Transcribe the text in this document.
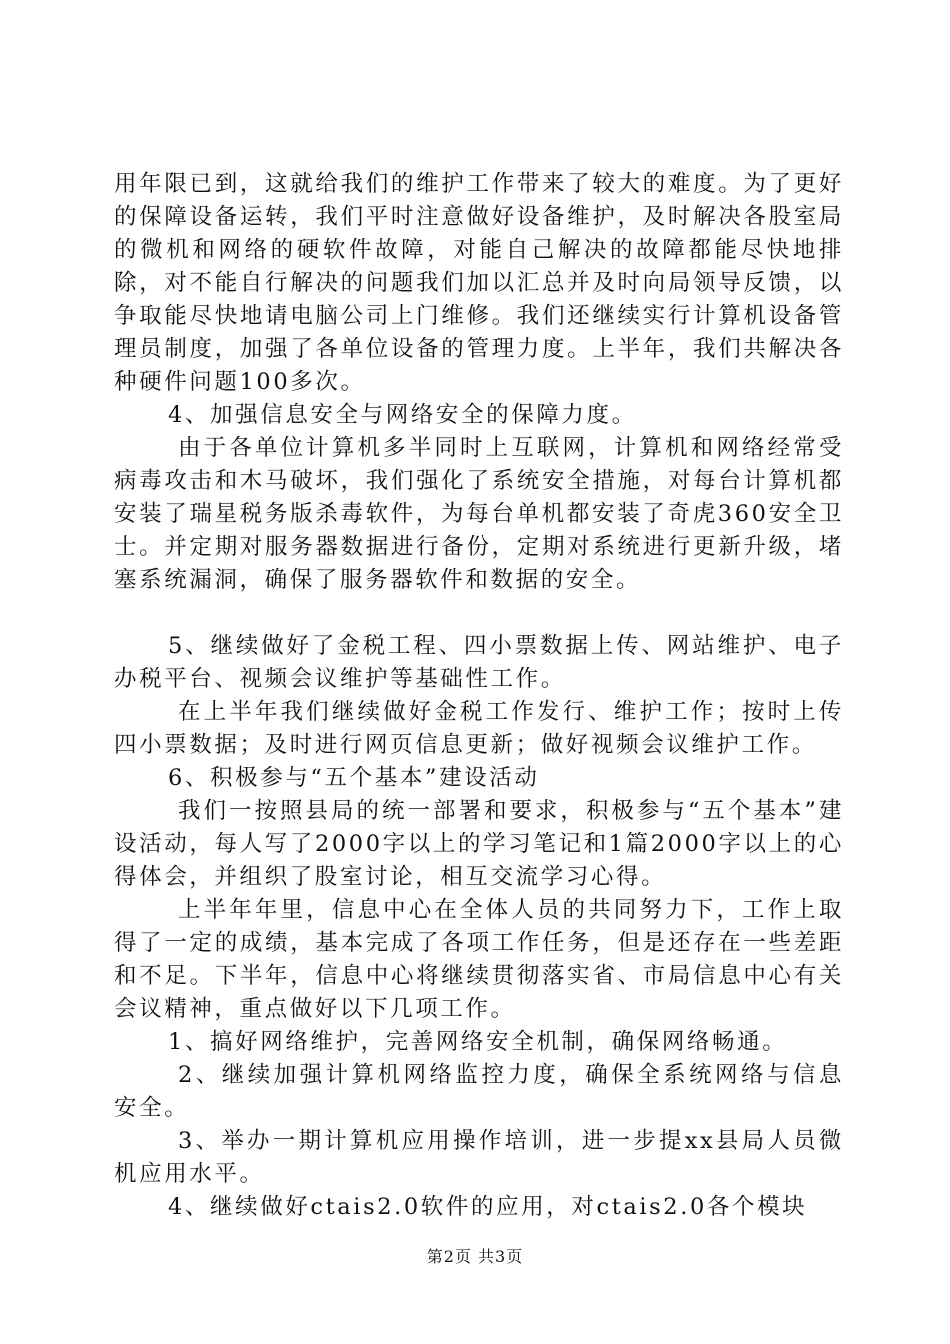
用年限已到，这就给我们的维护工作带来了较大的难度。为了更好的保障设备运转，我们平时注意做好设备维护，及时解决各股室局的微机和网络的硬软件故障，对能自己解决的故障都能尽快地排除，对不能自行解决的问题我们加以汇总并及时向局领导反馈，以争取能尽快地请电脑公司上门维修。我们还继续实行计算机设备管理员制度，加强了各单位设备的管理力度。上半年，我们共解决各种硬件问题100多次。

4、加强信息安全与网络安全的保障力度。

由于各单位计算机多半同时上互联网，计算机和网络经常受病毒攻击和木马破坏，我们强化了系统安全措施，对每台计算机都安装了瑞星税务版杀毒软件，为每台单机都安装了奇虎360安全卫士。并定期对服务器数据进行备份，定期对系统进行更新升级，堵塞系统漏洞，确保了服务器软件和数据的安全。

5、继续做好了金税工程、四小票数据上传、网站维护、电子办税平台、视频会议维护等基础性工作。

在上半年我们继续做好金税工作发行、维护工作；按时上传四小票数据；及时进行网页信息更新；做好视频会议维护工作。

6、积极参与“五个基本”建设活动

我们一按照县局的统一部署和要求，积极参与“五个基本”建设活动，每人写了2000字以上的学习笔记和1篇2000字以上的心得体会，并组织了股室讨论，相互交流学习心得。

上半年年里，信息中心在全体人员的共同努力下，工作上取得了一定的成绩，基本完成了各项工作任务，但是还存在一些差距和不足。下半年，信息中心将继续贯彻落实省、市局信息中心有关会议精神，重点做好以下几项工作。

1、搞好网络维护，完善网络安全机制，确保网络畅通。

2、继续加强计算机网络监控力度，确保全系统网络与信息安全。

3、举办一期计算机应用操作培训，进一步提xx县局人员微机应用水平。

4、继续做好ctais2.0软件的应用，对ctais2.0各个模块

第2页 共3页
